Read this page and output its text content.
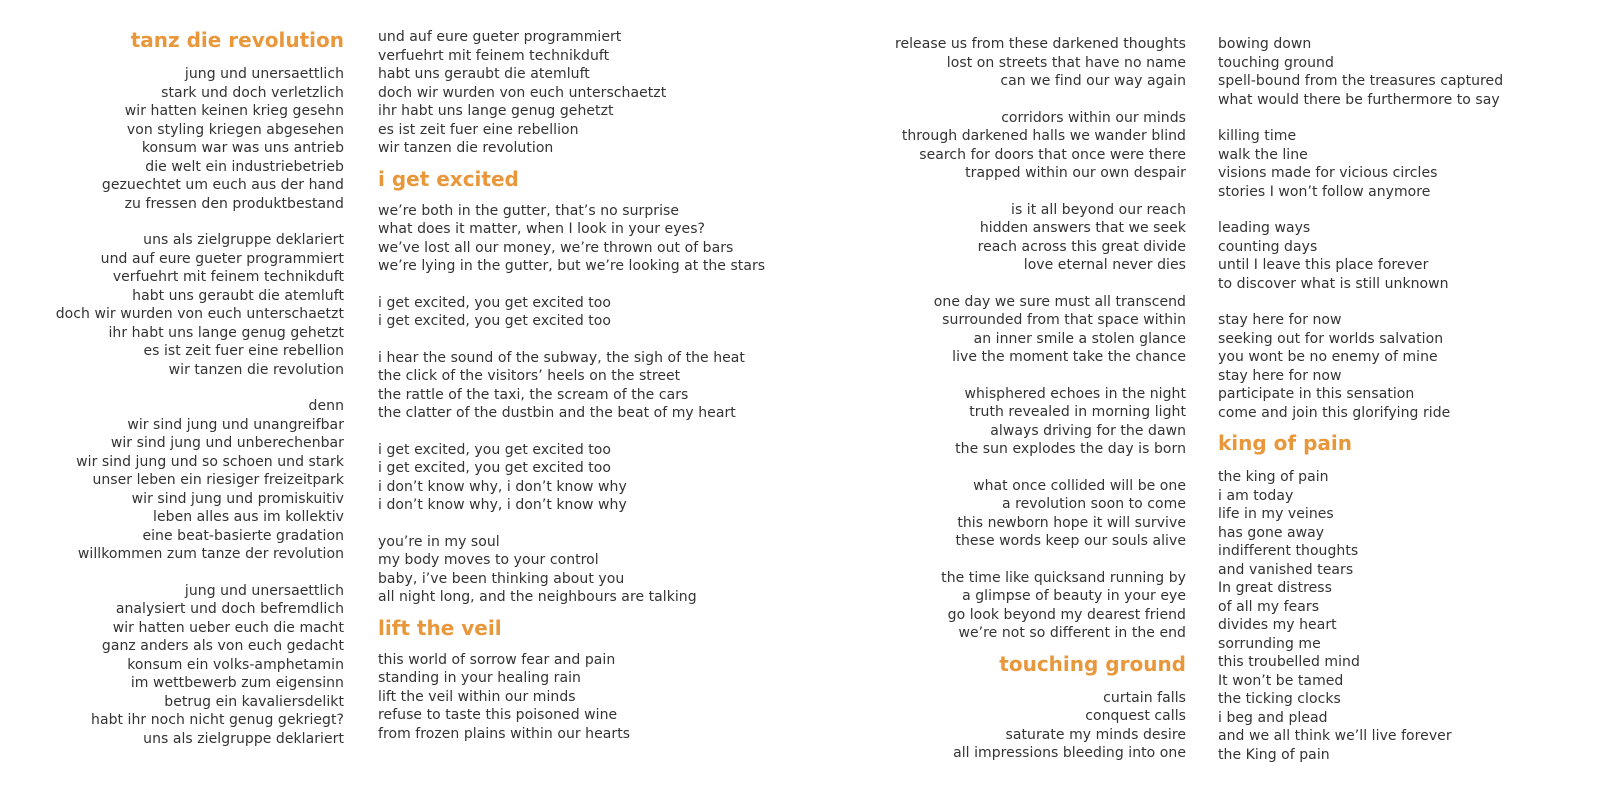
tanz die revolution
jung und unersaettlich
stark und doch verletzlich
wir hatten keinen krieg gesehn
von styling kriegen abgesehen
konsum war was uns antrieb
die welt ein industriebetrieb
gezuechtet um euch aus der hand
zu fressen den produktbestand
uns als zielgruppe deklariert
und auf eure gueter programmiert
verfuehrt mit feinem technikduft
habt uns geraubt die atemluft
doch wir wurden von euch unterschaetzt
ihr habt uns lange genug gehetzt
es ist zeit fuer eine rebellion
wir tanzen die revolution
denn
wir sind jung und unangreifbar
wir sind jung und unberechenbar
wir sind jung und so schoen und stark
unser leben ein riesiger freizeitpark
wir sind jung und promiskuitiv
leben alles aus im kollektiv
eine beat-basierte gradation
willkommen zum tanze der revolution
jung und unersaettlich
analysiert und doch befremdlich
wir hatten ueber euch die macht
ganz anders als von euch gedacht
konsum ein volks-amphetamin
im wettbewerb zum eigensinn
betrug ein kavaliersdelikt
habt ihr noch nicht genug gekriegt?
uns als zielgruppe deklariert
und auf eure gueter programmiert
verfuehrt mit feinem technikduft
habt uns geraubt die atemluft
doch wir wurden von euch unterschaetzt
ihr habt uns lange genug gehetzt
es ist zeit fuer eine rebellion
wir tanzen die revolution
i get excited
we’re both in the gutter, that’s no surprise
what does it matter, when I look in your eyes?
we’ve lost all our money, we’re thrown out of bars
we’re lying in the gutter, but we’re looking at the stars
i get excited, you get excited too
i get excited, you get excited too
i hear the sound of the subway, the sigh of the heat
the click of the visitors’ heels on the street
the rattle of the taxi, the scream of the cars
the clatter of the dustbin and the beat of my heart
i get excited, you get excited too
i get excited, you get excited too
i don’t know why, i don’t know why
i don’t know why, i don’t know why
you’re in my soul
my body moves to your control
baby, i’ve been thinking about you
all night long, and the neighbours are talking
lift the veil
this world of sorrow fear and pain
standing in your healing rain
lift the veil within our minds
refuse to taste this poisoned wine
from frozen plains within our hearts
release us from these darkened thoughts
lost on streets that have no name
can we find our way again
corridors within our minds
through darkened halls we wander blind
search for doors that once were there
trapped within our own despair
is it all beyond our reach
hidden answers that we seek
reach across this great divide
love eternal never dies
one day we sure must all transcend
surrounded from that space within
an inner smile a stolen glance
live the moment take the chance
whisphered echoes in the night
truth revealed in morning light
always driving for the dawn
the sun explodes the day is born
what once collided will be one
a revolution soon to come
this newborn hope it will survive
these words keep our souls alive
the time like quicksand running by
a glimpse of beauty in your eye
go look beyond my dearest friend
we’re not so different in the end
touching ground
curtain falls
conquest calls
saturate my minds desire
all impressions bleeding into one
bowing down
touching ground
spell-bound from the treasures captured
what would there be furthermore to say
killing time
walk the line
visions made for vicious circles
stories I won’t follow anymore
leading ways
counting days
until I leave this place forever
to discover what is still unknown
stay here for now
seeking out for worlds salvation
you wont be no enemy of mine
stay here for now
participate in this sensation
come and join this glorifying ride
king of pain
the king of pain
i am today
life in my veines
has gone away
indifferent thoughts
and vanished tears
In great distress
of all my fears
divides my heart
sorrunding me
this troubelled mind
It won’t be tamed
the ticking clocks
i beg and plead
and we all think we’ll live forever
the King of pain
